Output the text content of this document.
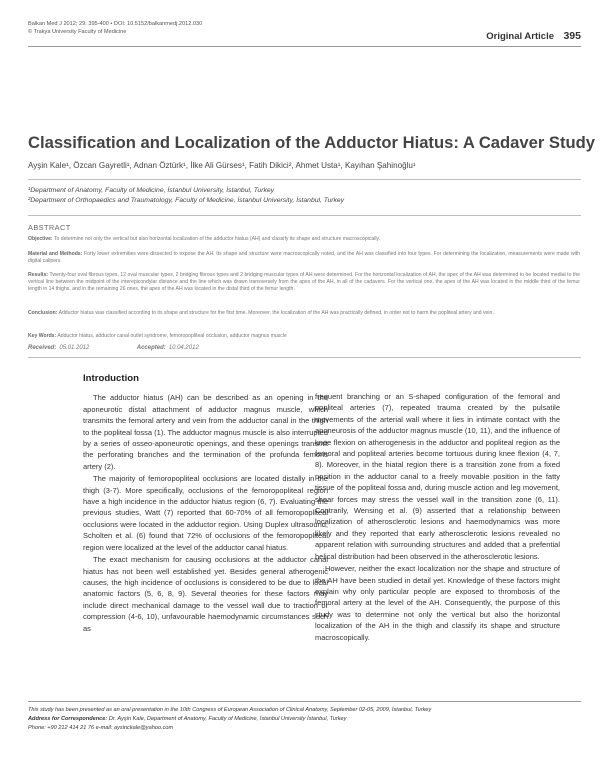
Balkan Med J 2012; 29: 395-400 • DOI: 10.5152/balkanmedj.2012.030
© Trakya University Faculty of Medicine	Original Article 395
Classification and Localization of the Adductor Hiatus: A Cadaver Study
Ayşin Kale¹, Özcan Gayretli¹, Adnan Öztürk¹, İlke Ali Gürses¹, Fatih Dikici², Ahmet Usta¹, Kayıhan Şahinoğlu¹
¹Department of Anatomy, Faculty of Medicine, İstanbul University, İstanbul, Turkey
²Department of Orthopaedics and Traumatology, Faculty of Medicine, İstanbul University, İstanbul, Turkey
ABSTRACT
Objective: To determine not only the vertical but also horizontal localization of the adductor hiatus (AH) and classify its shape and structure macroscopically.
Material and Methods: Forty lower extremities were dissected to expose the AH. Its shape and structure were macroscopically noted, and the AH was classified into four types. For determining the localization, measurements were made with digital calipers.
Results: Twenty-four oval fibrous types, 12 oval muscular types, 2 bridging fibrous types and 2 bridging muscular types of AH were determined. For the horizontal localization of AH, the apex of the AH was determined to be located medial to the vertical line between the midpoint of the interepicondylar distance and the line which was drawn transversely from the apex of the AH, in all of the cadavers. For the vertical one, the apex of the AH was located in the middle third of the femur length in 14 thighs, and in the remaining 26 ones, the apex of the AH was located in the distal third of the femur length.
Conclusion: Adductor hiatus was classified according to its shape and structure for the first time. Moreover, the localization of the AH was practically defined, in order not to harm the popliteal artery and vein.
Key Words: Adductor hiatus, adductor canal outlet syndrome, femoropopliteal occlusion, adductor magnus muscle
Received: 05.01.2012	Accepted: 10.04.2012
Introduction

The adductor hiatus (AH) can be described as an opening in the aponeurotic distal attachment of adductor magnus muscle, which transmits the femoral artery and vein from the adductor canal in the thigh to the popliteal fossa (1). The adductor magnus muscle is also interrupted by a series of osseo-aponeurotic openings, and these openings transmit the perforating branches and the termination of the profunda femoris artery (2).

The majority of femoropopliteal occlusions are located distally in the thigh (3-7). More specifically, occlusions of the femoropopliteal region have a high incidence in the adductor hiatus region (6, 7). Evaluating the previous studies, Watt (7) reported that 60-70% of all femoropopliteal occlusions were located in the adductor region. Using Duplex ultrasound, Scholten et al. (6) found that 72% of occlusions of the femoropopliteal region were localized at the level of the adductor canal hiatus.

The exact mechanism for causing occlusions at the adductor canal hiatus has not been well established yet. Besides general atherogenic causes, the high incidence of occlusions is considered to be due to local anatomic factors (5, 6, 8, 9). Several theories for these factors may include direct mechanical damage to the vessel wall due to traction or compression (4-6, 10), unfavourable haemodynamic circumstances such as

frequent branching or an S-shaped configuration of the femoral and popliteal arteries (7), repeated trauma created by the pulsatile movements of the arterial wall where it lies in intimate contact with the aponeurosis of the adductor magnus muscle (10, 11), and the influence of knee flexion on atherogenesis in the adductor and popliteal region as the femoral and popliteal arteries become tortuous during knee flexion (4, 7, 8). Moreover, in the hiatal region there is a transition zone from a fixed position in the adductor canal to a freely movable position in the fatty tissue of the popliteal fossa and, during muscle action and leg movement, shear forces may stress the vessel wall in the transition zone (6, 11). Contrarily, Wensing et al. (9) asserted that a relationship between localization of atherosclerotic lesions and haemodynamics was more likely and they reported that early atherosclerotic lesions revealed no apparent relation with surrounding structures and added that a prefential helical distribution had been observed in the atherosclerotic lesions.

However, neither the exact localization nor the shape and structure of the AH have been studied in detail yet. Knowledge of these factors might explain why only particular people are exposed to thrombosis of the femoral artery at the level of the AH. Consequently, the purpose of this study was to determine not only the vertical but also the horizontal localization of the AH in the thigh and classify its shape and structure macroscopically.

This study has been presented as an oral presentation in the 10th Congress of European Association of Clinical Anatomy, September 02-05, 2009, İstanbul, Turkey
Address for Correspondence: Dr. Ayşin Kale, Department of Anatomy, Faculty of Medicine, İstanbul University İstanbul, Turkey
Phone: +90 212 414 21 76 e-mail: aysinckale@yahoo.com
